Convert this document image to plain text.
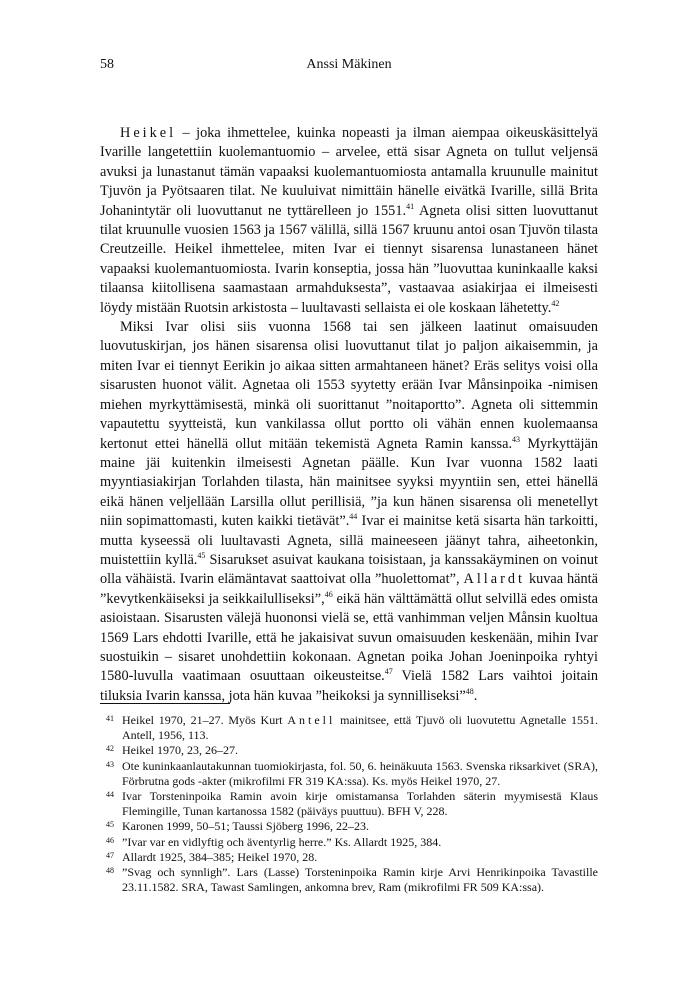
58	Anssi Mäkinen

Heikel – joka ihmettelee, kuinka nopeasti ja ilman aiempaa oikeuskäsittelyä Ivarille langetettiin kuolemantuomio – arvelee, että sisar Agneta on tullut veljensä avuksi ja lunastanut tämän vapaaksi kuolemantuomiosta antamalla kruunulle mainitut Tjuvön ja Pyötsaaren tilat. Ne kuuluivat nimittäin hänelle eivätkä Ivarille, sillä Brita Johanintytär oli luovuttanut ne tyttärelleen jo 1551.41 Agneta olisi sitten luovuttanut tilat kruunulle vuosien 1563 ja 1567 välillä, sillä 1567 kruunu antoi osan Tjuvön tilasta Creutzeille. Heikel ihmettelee, miten Ivar ei tiennyt sisarensa lunastaneen hänet vapaaksi kuolemantuomiosta. Ivarin konseptia, jossa hän ”luovuttaa kuninkaalle kaksi tilaansa kiitollisena saamastaan armahduksesta”, vastaavaa asiakirjaa ei ilmeisesti löydy mistään Ruotsin arkistosta – luultavasti sellaista ei ole koskaan lähetetty.$^{42}$

Miksi Ivar olisi siis vuonna 1568 tai sen jälkeen laatinut omaisuuden luovutuskirjan, jos hänen sisarensa olisi luovuttanut tilat jo paljon aikaisemmin, ja miten Ivar ei tiennyt Eerikin jo aikaa sitten armahtaneen hänet? Eräs selitys voisi olla sisarusten huonot välit. Agnetaa oli 1553 syytetty erään Ivar Månsinpoika -nimisen miehen myrkyttämisestä, minkä oli suorittanut ”noitaportto”. Agneta oli sittemmin vapautettu syytteistä, kun vankilassa ollut portto oli vähän ennen kuolemaansa kertonut ettei hänellä ollut mitään tekemistä Agneta Ramin kanssa.$^{43}$ Myrkyttäjän maine jäi kuitenkin ilmeisesti Agnetan päälle. Kun Ivar vuonna 1582 laati myyntiasiakirjan Torlahden tilasta, hän mainitsee syyksi myyntiin sen, ettei hänellä eikä hänen veljellään Larsilla ollut perillisiä, ”ja kun hänen sisarensa oli menetellyt niin sopimattomasti, kuten kaikki tietävät”.$^{44}$ Ivar ei mainitse ketä sisarta hän tarkoitti, mutta kyseessä oli luultavasti Agneta, sillä maineeseen jäänyt tahra, aiheetonkin, muistettiin kyllä.$^{45}$ Sisarukset asuivat kaukana toisistaan, ja kanssakäyminen on voinut olla vähäistä. Ivarin elämäntavat saattoivat olla ”huolettomat”, Allardt kuvaa häntä ”kevytkenkäiseksi ja seikkailulliseksi”,$^{46}$ eikä hän välttämättä ollut selvillä edes omista asioistaan. Sisarusten välejä huononsi vielä se, että vanhimman veljen Månsin kuoltua 1569 Lars ehdotti Ivarille, että he jakaisivat suvun omaisuuden keskenään, mihin Ivar suostuikin – sisaret unohdettiin kokonaan. Agnetan poika Johan Joeninpoika ryhtyi 1580-luvulla vaatimaan osuuttaan oikeusteitse.$^{47}$ Vielä 1582 Lars vaihtoi joitain tiluksia Ivarin kanssa, jota hän kuvaa ”heikoksi ja synnilliseksi”$^{48}$.

41 Heikel 1970, 21–27. Myös Kurt Antell mainitsee, että Tjuvö oli luovutettu Agnetalle 1551. Antell, 1956, 113.
42 Heikel 1970, 23, 26–27.
43 Ote kuninkaanlautakunnan tuomiokirjasta, fol. 50, 6. heinäkuuta 1563. Svenska riksarkivet (SRA), Förbrutna gods -akter (mikrofilmi FR 319 KA:ssa). Ks. myös Heikel 1970, 27.
44 Ivar Torsteninpoika Ramin avoin kirje omistamansa Torlahden säterin myymisestä Klaus Flemingille, Tunan kartanossa 1582 (päiväys puuttuu). BFH V, 228.
45 Karonen 1999, 50–51; Taussi Sjöberg 1996, 22–23.
46 ”Ivar var en vidlyftig och äventyrlig herre.” Ks. Allardt 1925, 384.
47 Allardt 1925, 384–385; Heikel 1970, 28.
48 ”Svag och synnligh”. Lars (Lasse) Torsteninpoika Ramin kirje Arvi Henrikinpoika Tavastille 23.11.1582. SRA, Tawast Samlingen, ankomna brev, Ram (mikrofilmi FR 509 KA:ssa).
